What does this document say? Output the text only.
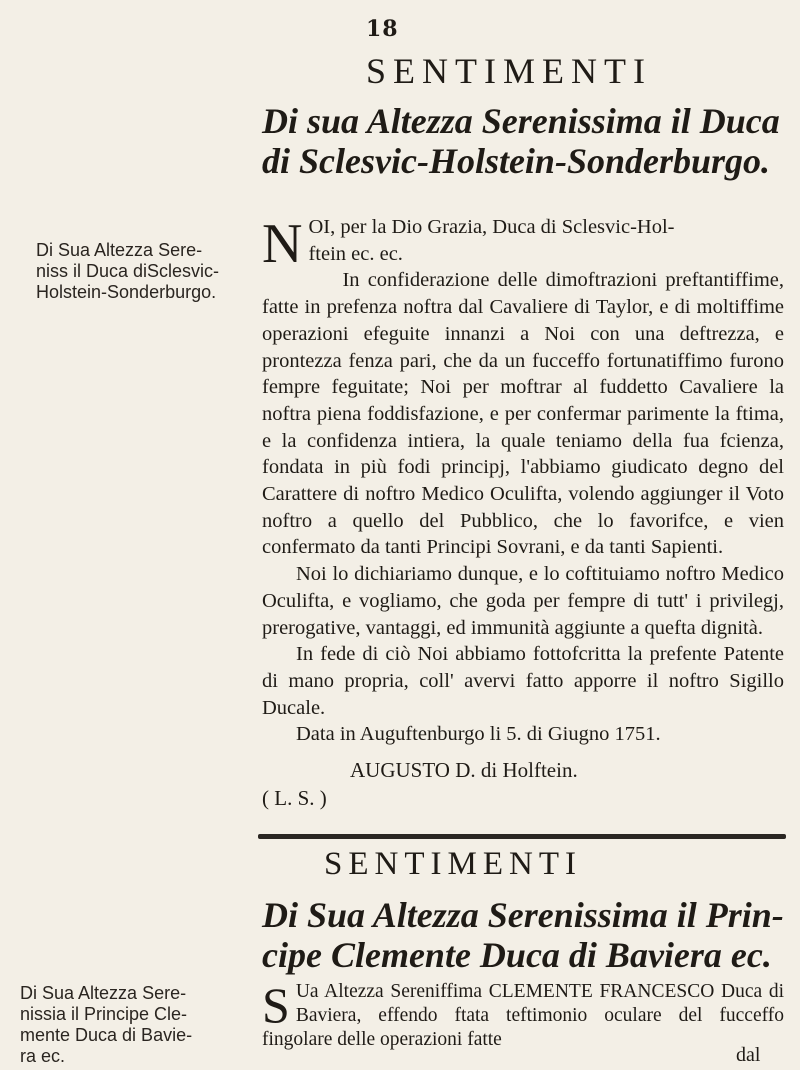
18
SENTIMENTI
Di sua Altezza Serenissima il Duca
di Sclesvic-Holstein-Sonderburgo.
Di Sua Altezza Sere-
niss il Duca diSclesvic-
Holstein-Sonderburgo.

N OI, per la Dio Grazia, Duca di Sclesvic-Hol-
ftein ec. ec.

In confiderazione delle dimoftrazioni preftantiffime, fatte in prefenza noftra dal Cavaliere di Taylor, e di moltiffime operazioni efeguite innanzi a Noi con una deftrezza, e prontezza fenza pari, che da un fucceffo fortunatiffimo furono fempre feguitate; Noi per moftrar al fuddetto Cavaliere la noftra piena foddisfazione, e per confermar parimente la ftima, e la confidenza intiera, la quale teniamo della fua fcienza, fondata in più fodi principj, l'abbiamo giudicato degno del Carattere di noftro Medico Oculifta, volendo aggiunger il Voto noftro a quello del Pubblico, che lo favorifce, e vien confermato da tanti Principi Sovrani, e da tanti Sapienti.

Noi lo dichiariamo dunque, e lo coftituiamo noftro Medico Oculifta, e vogliamo, che goda per fempre di tutt' i privilegj, prerogative, vantaggi, ed immunità aggiunte a quefta dignità.

In fede di ciò Noi abbiamo fottofcritta la prefente Patente di mano propria, coll' avervi fatto apporre il noftro Sigillo Ducale.

Data in Auguftenburgo li 5. di Giugno 1751.

AUGUSTO D. di Holftein.
( L. S. )
SENTIMENTI
Di Sua Altezza Serenissima il Prin-
cipe Clemente Duca di Baviera ec.
Di Sua Altezza Sere-
nissia il Principe Cle-
mente Duca di Bavie-
ra ec.

S Ua Altezza Sereniffima CLEMENTE FRANCESCO Duca di Baviera, effendo ftata teftimonio oculare del fucceffo fingolare delle operazioni fatte

dal
